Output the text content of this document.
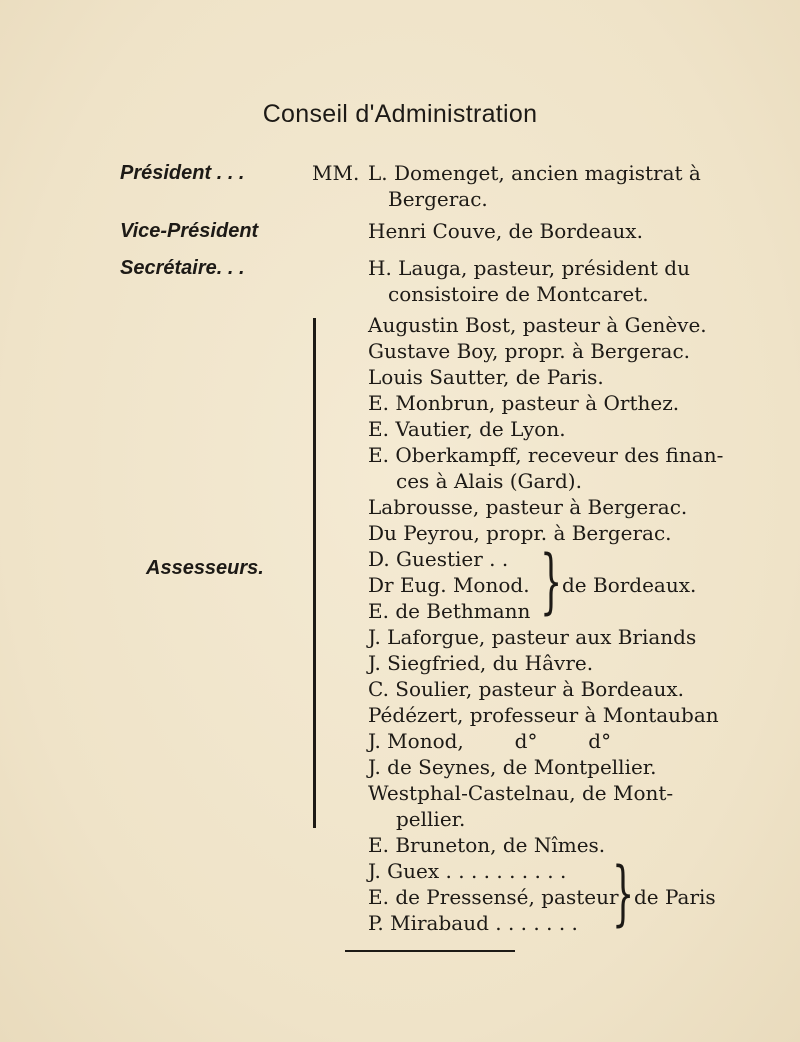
Conseil d'Administration
Président . . .	MM. L. Domenget, ancien magistrat à
Bergerac.
Vice-Président	Henri Couve, de Bordeaux.
Secrétaire. . .	H. Lauga, pasteur, président du
consistoire de Montcaret.
Assesseurs.
Augustin Bost, pasteur à Genève.
Gustave Boy, propr. à Bergerac.
Louis Sautter, de Paris.
E. Monbrun, pasteur à Orthez.
E. Vautier, de Lyon.
E. Oberkampff, receveur des finan-
ces à Alais (Gard).
Labrousse, pasteur à Bergerac.
Du Peyrou, propr. à Bergerac.
D. Guestier . .
Dr Eug. Monod.
E. de Bethmann } de Bordeaux.
J. Laforgue, pasteur aux Briands
J. Siegfried, du Hâvre.
C. Soulier, pasteur à Bordeaux.
Pédézert, professeur à Montauban
J. Monod,        d°        d°
J. de Seynes, de Montpellier.
Westphal-Castelnau, de Mont-
pellier.
E. Bruneton, de Nîmes.
J. Guex . . . . . . . . . .
E. de Pressensé, pasteur
P. Mirabaud . . . . . . . } de Paris
